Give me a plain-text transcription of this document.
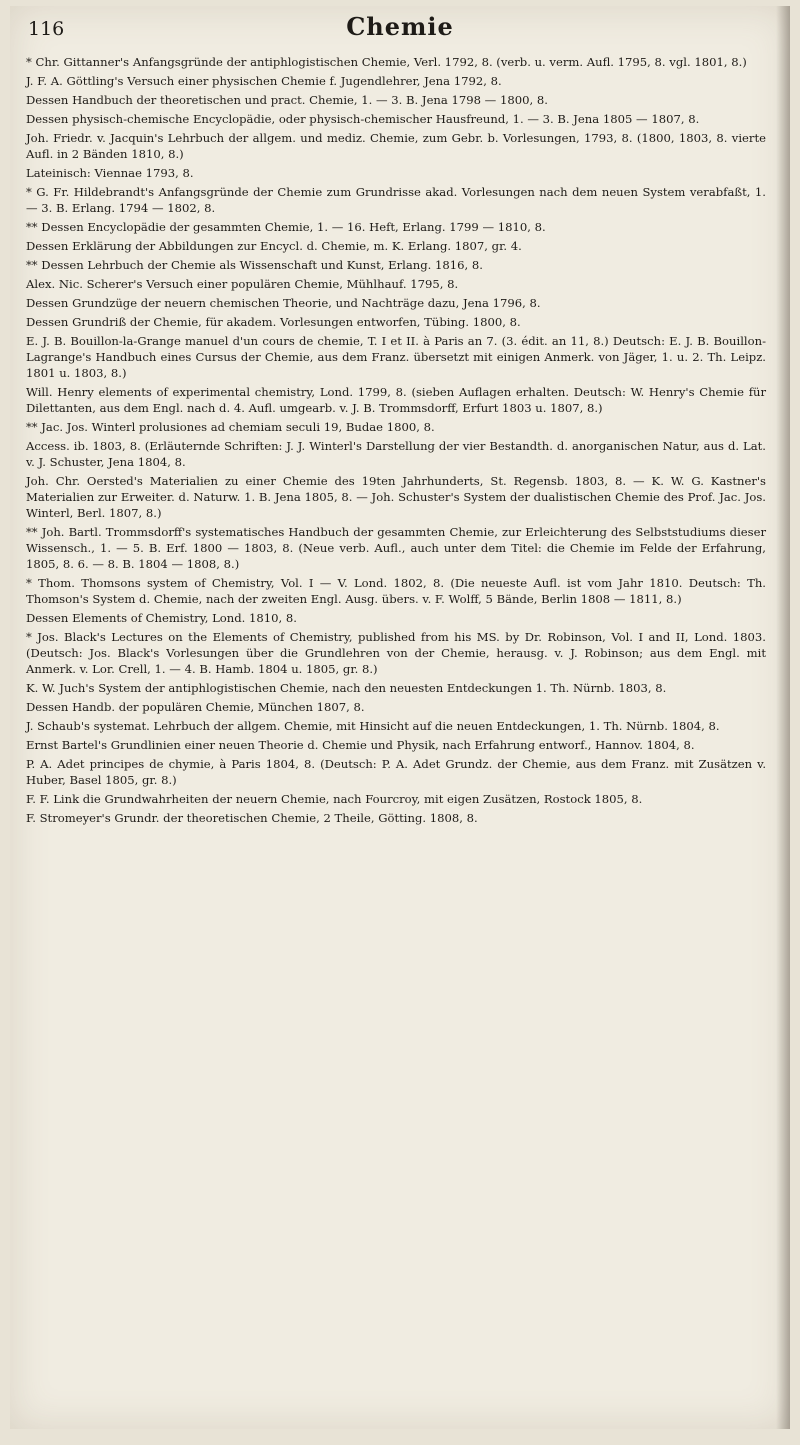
116	Chemie

* Chr. Gittanner's Anfangsgründe der antiphlogistischen Chemie, Verl. 1792, 8. (verb. u. verm. Aufl. 1795, 8. vgl. 1801, 8.)

J. F. A. Göttling's Versuch einer physischen Chemie f. Jugendlehrer, Jena 1792, 8.

Dessen Handbuch der theoretischen und pract. Chemie, 1. — 3. B. Jena 1798 — 1800, 8.

Dessen physisch-chemische Encyclopädie, oder physisch-chemischer Hausfreund, 1. — 3. B. Jena 1805 — 1807, 8.

Joh. Friedr. v. Jacquin's Lehrbuch der allgem. und mediz. Chemie, zum Gebr. b. Vorlesungen, 1793, 8. (1800, 1803, 8. vierte Aufl. in 2 Bänden 1810, 8.)

Lateinisch: Viennae 1793, 8.

* G. Fr. Hildebrandt's Anfangsgründe der Chemie zum Grundrisse akad. Vorlesungen nach dem neuen System verabfaßt, 1. — 3. B. Erlang. 1794 — 1802, 8.

** Dessen Encyclopädie der gesammten Chemie, 1. — 16. Heft, Erlang. 1799 — 1810, 8.

Dessen Erklärung der Abbildungen zur Encycl. d. Chemie, m. K. Erlang. 1807, gr. 4.

** Dessen Lehrbuch der Chemie als Wissenschaft und Kunst, Erlang. 1816, 8.

Alex. Nic. Scherer's Versuch einer populären Chemie, Mühlhauf. 1795, 8.

Dessen Grundzüge der neuern chemischen Theorie, und Nachträge dazu, Jena 1796, 8.

Dessen Grundriß der Chemie, für akadem. Vorlesungen entworfen, Tübing. 1800, 8.

E. J. B. Bouillon-la-Grange manuel d'un cours de chemie, T. I et II. à Paris an 7. (3. édit. an 11, 8.) Deutsch: E. J. B. Bouillon-Lagrange's Handbuch eines Cursus der Chemie, aus dem Franz. übersetzt mit einigen Anmerk. von Jäger, 1. u. 2. Th. Leipz. 1801 u. 1803, 8.)

Will. Henry elements of experimental chemistry, Lond. 1799, 8. (sieben Auflagen erhalten. Deutsch: W. Henry's Chemie für Dilettanten, aus dem Engl. nach d. 4. Aufl. umgearb. v. J. B. Trommsdorff, Erfurt 1803 u. 1807, 8.)

** Jac. Jos. Winterl prolusiones ad chemiam seculi 19, Budae 1800, 8.

Access. ib. 1803, 8. (Erläuternde Schriften: J. J. Winterl's Darstellung der vier Bestandth. d. anorganischen Natur, aus d. Lat. v. J. Schuster, Jena 1804, 8.

Joh. Chr. Oersted's Materialien zu einer Chemie des 19ten Jahrhunderts, St. Regensb. 1803, 8. — K. W. G. Kastner's Materialien zur Erweiter. d. Naturw. 1. B. Jena 1805, 8. — Joh. Schuster's System der dualistischen Chemie des Prof. Jac. Jos. Winterl, Berl. 1807, 8.)

** Joh. Bartl. Trommsdorff's systematisches Handbuch der gesammten Chemie, zur Erleichterung des Selbststudiums dieser Wissensch., 1. — 5. B. Erf. 1800 — 1803, 8. (Neue verb. Aufl., auch unter dem Titel: die Chemie im Felde der Erfahrung, 1805, 8. 6. — 8. B. 1804 — 1808, 8.)

* Thom. Thomsons system of Chemistry, Vol. I — V. Lond. 1802, 8. (Die neueste Aufl. ist vom Jahr 1810. Deutsch: Th. Thomson's System d. Chemie, nach der zweiten Engl. Ausg. übers. v. F. Wolff, 5 Bände, Berlin 1808 — 1811, 8.)

Dessen Elements of Chemistry, Lond. 1810, 8.

* Jos. Black's Lectures on the Elements of Chemistry, published from his MS. by Dr. Robinson, Vol. I and II, Lond. 1803. (Deutsch: Jos. Black's Vorlesungen über die Grundlehren von der Chemie, herausg. v. J. Robinson; aus dem Engl. mit Anmerk. v. Lor. Crell, 1. — 4. B. Hamb. 1804 u. 1805, gr. 8.)

K. W. Juch's System der antiphlogistischen Chemie, nach den neuesten Entdeckungen 1. Th. Nürnb. 1803, 8.

Dessen Handb. der populären Chemie, München 1807, 8.

J. Schaub's systemat. Lehrbuch der allgem. Chemie, mit Hinsicht auf die neuen Entdeckungen, 1. Th. Nürnb. 1804, 8.

Ernst Bartel's Grundlinien einer neuen Theorie d. Chemie und Physik, nach Erfahrung entworf., Hannov. 1804, 8.

P. A. Adet principes de chymie, à Paris 1804, 8. (Deutsch: P. A. Adet Grundz. der Chemie, aus dem Franz. mit Zusätzen v. Huber, Basel 1805, gr. 8.)

F. F. Link die Grundwahrheiten der neuern Chemie, nach Fourcroy, mit eigen Zusätzen, Rostock 1805, 8.

F. Stromeyer's Grundr. der theoretischen Chemie, 2 Theile, Götting. 1808, 8.
